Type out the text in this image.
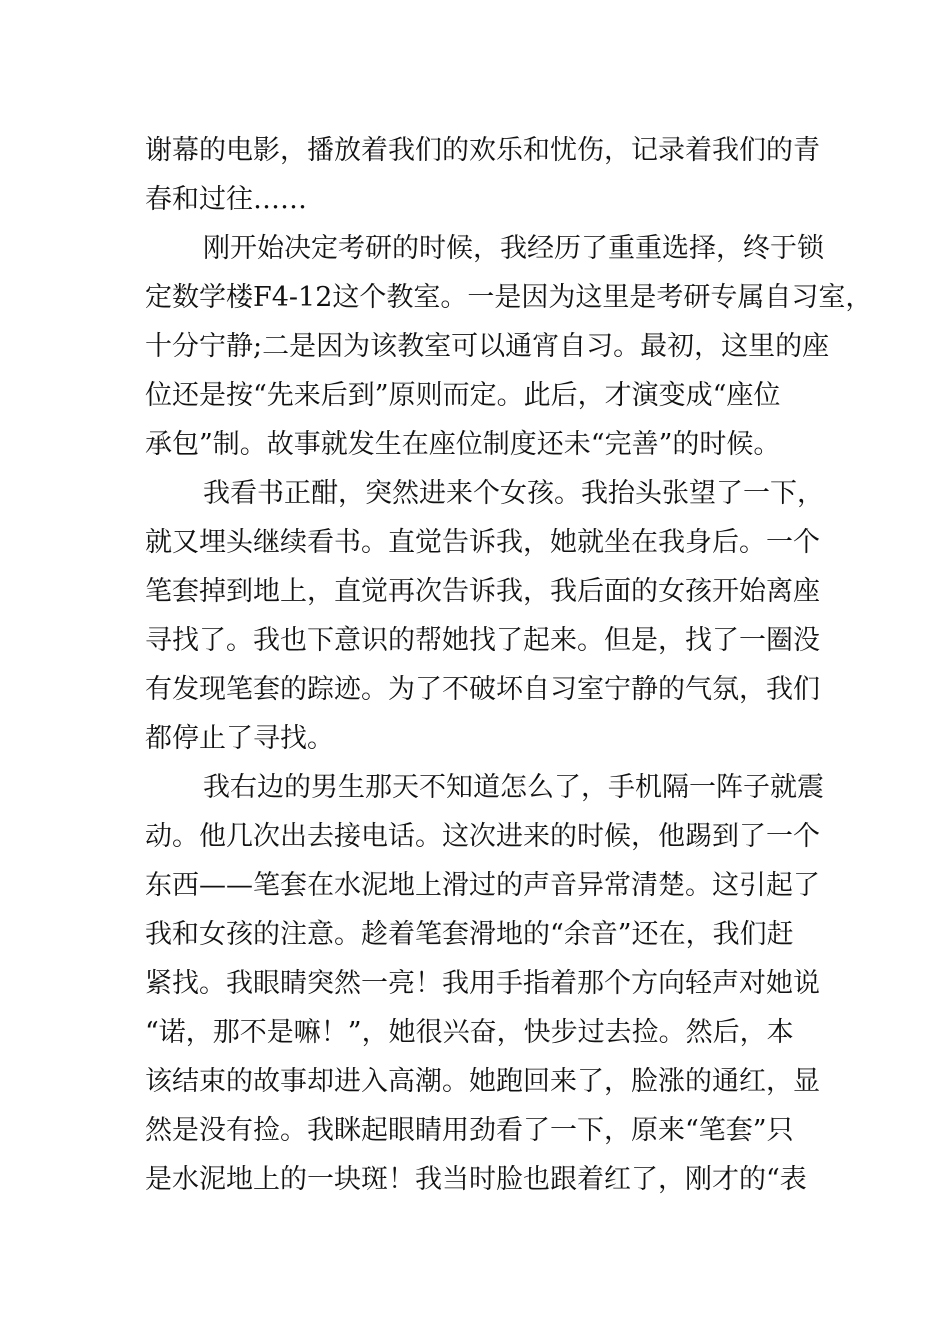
谢幕的电影，播放着我们的欢乐和忧伤，记录着我们的青
春和过往……
刚开始决定考研的时候，我经历了重重选择，终于锁
定数学楼F4-12这个教室。一是因为这里是考研专属自习室，
十分宁静;二是因为该教室可以通宵自习。最初，这里的座
位还是按“先来后到”原则而定。此后，才演变成“座位
承包”制。故事就发生在座位制度还未“完善”的时候。
我看书正酣，突然进来个女孩。我抬头张望了一下，
就又埋头继续看书。直觉告诉我，她就坐在我身后。一个
笔套掉到地上，直觉再次告诉我，我后面的女孩开始离座
寻找了。我也下意识的帮她找了起来。但是，找了一圈没
有发现笔套的踪迹。为了不破坏自习室宁静的气氛，我们
都停止了寻找。
我右边的男生那天不知道怎么了，手机隔一阵子就震
动。他几次出去接电话。这次进来的时候，他踢到了一个
东西——笔套在水泥地上滑过的声音异常清楚。这引起了
我和女孩的注意。趁着笔套滑地的“余音”还在，我们赶
紧找。我眼睛突然一亮！我用手指着那个方向轻声对她说
“诺，那不是嘛！”，她很兴奋，快步过去捡。然后，本
该结束的故事却进入高潮。她跑回来了，脸涨的通红，显
然是没有捡。我眯起眼睛用劲看了一下，原来“笔套”只
是水泥地上的一块斑！我当时脸也跟着红了，刚才的“表
